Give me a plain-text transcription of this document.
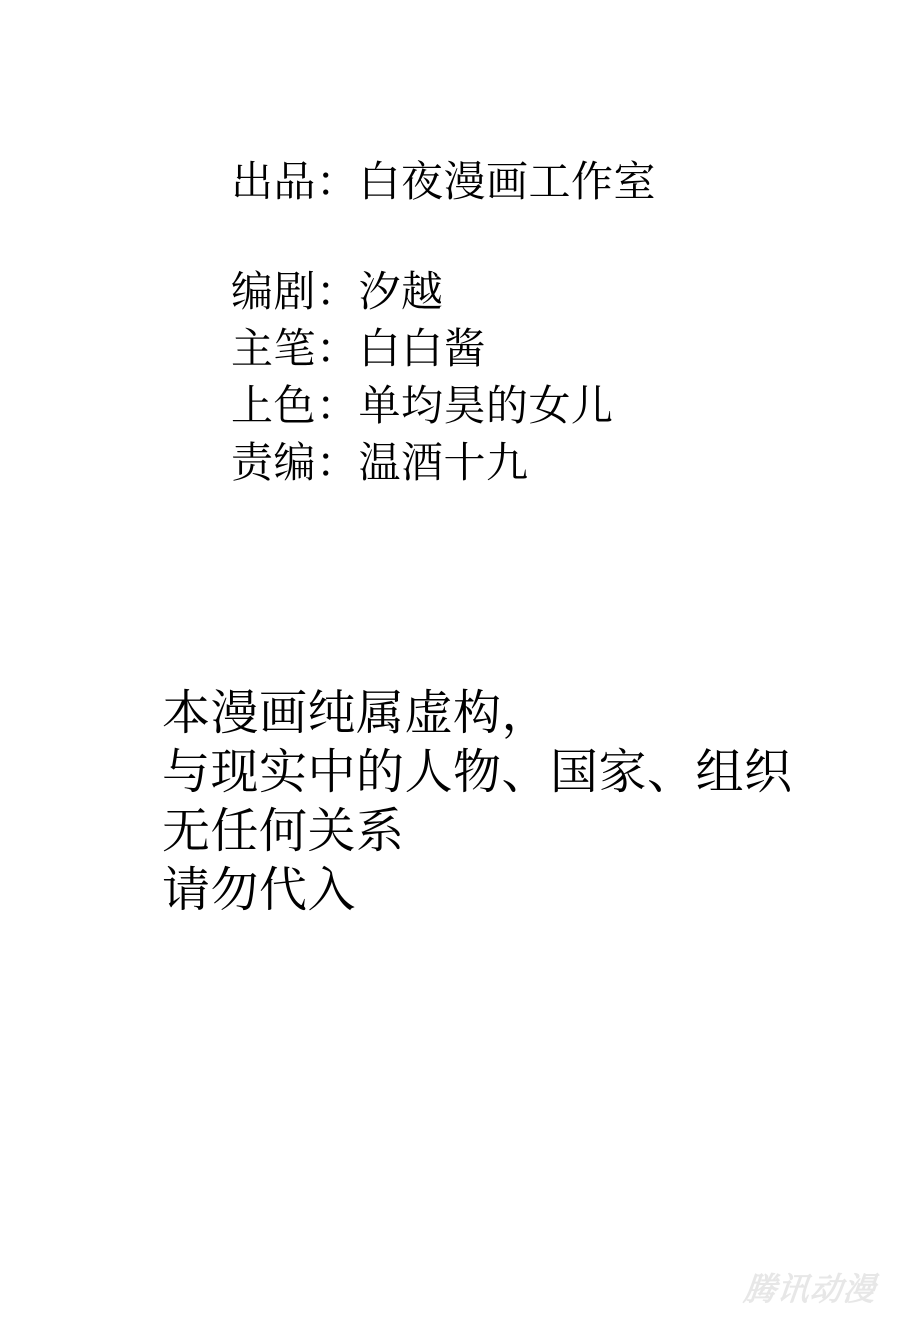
出品：白夜漫画工作室
编剧：汐越
主笔：白白酱
上色：单均昊的女儿
责编：温酒十九
本漫画纯属虚构，
与现实中的人物、国家、组织
无任何关系
请勿代入
腾讯动漫
